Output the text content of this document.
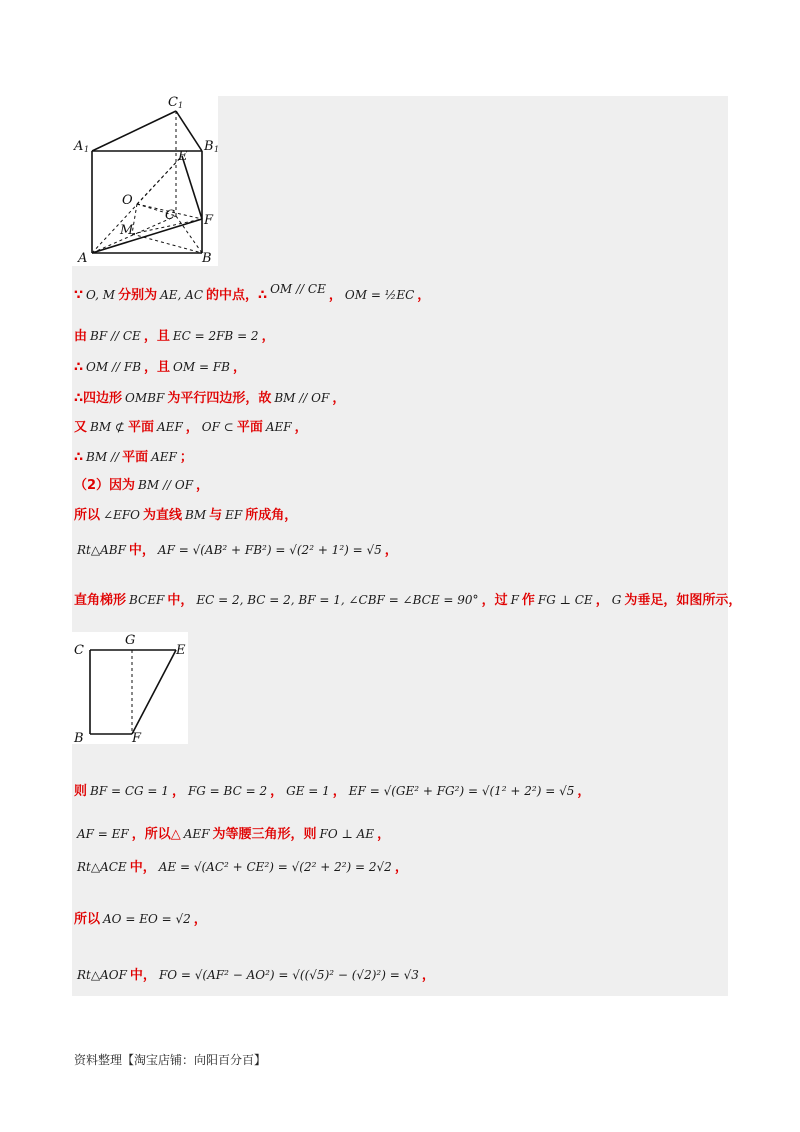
C 1
A 1	B 1
E
O
C
M
F
A	B
C
G
E
B	F
∵ O, M 分别为 AE, AC 的中点，∴ OM // CE ， OM = ½EC ，
由 BF // CE ，且 EC = 2FB = 2 ，
∴ OM // FB ，且 OM = FB ，
∴四边形 OMBF 为平行四边形，故 BM // OF ，
又 BM ⊄ 平面 AEF ， OF ⊂ 平面 AEF ，
∴ BM // 平面 AEF ；
（2）因为 BM // OF ，
所以 ∠EFO 为直线 BM 与 EF 所成角，
Rt△ABF 中， AF = √(AB² + FB²) = √(2² + 1²) = √5 ，
直角梯形 BCEF 中， EC = 2, BC = 2, BF = 1, ∠CBF = ∠BCE = 90° ，过 F 作 FG ⊥ CE ， G 为垂足，如图所示，
则 BF = CG = 1 ， FG = BC = 2 ， GE = 1 ， EF = √(GE² + FG²) = √(1² + 2²) = √5 ，
AF = EF ，所以△ AEF 为等腰三角形，则 FO ⊥ AE ，
Rt△ACE 中， AE = √(AC² + CE²) = √(2² + 2²) = 2√2 ，
所以 AO = EO = √2 ，
Rt△AOF 中， FO = √(AF² − AO²) = √((√5)² − (√2)²) = √3 ，
资料整理【淘宝店铺：向阳百分百】
